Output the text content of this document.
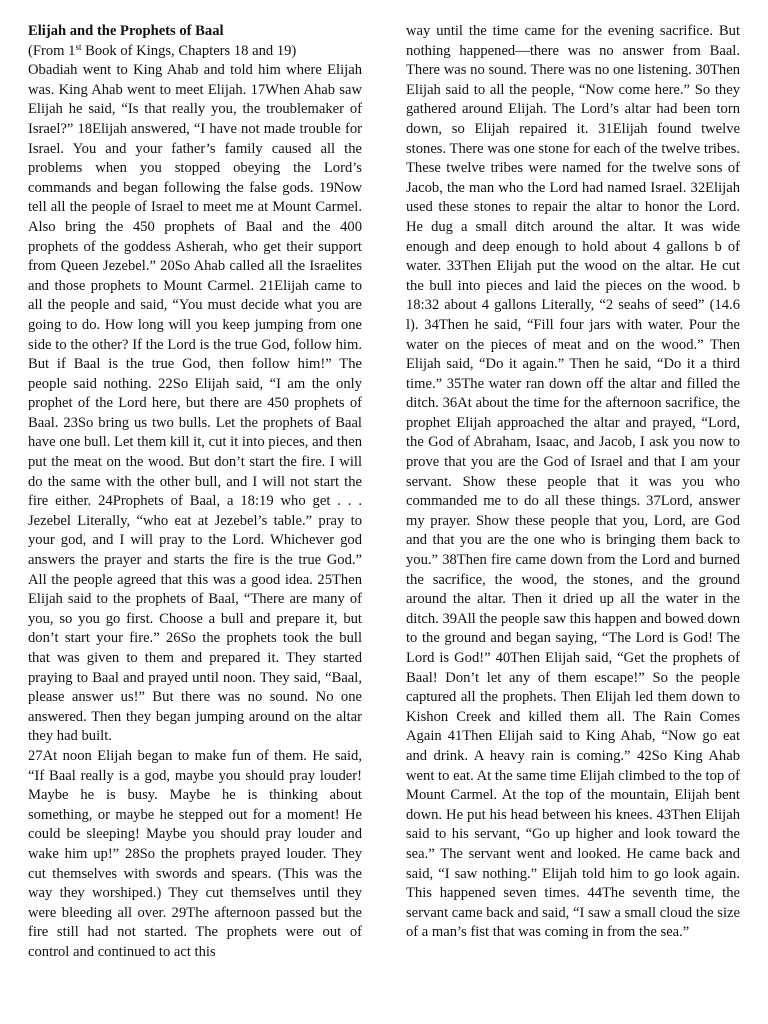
Elijah and the Prophets of Baal

(From 1st Book of Kings, Chapters 18 and 19)

Obadiah went to King Ahab and told him where Elijah was. King Ahab went to meet Elijah. 17When Ahab saw Elijah he said, “Is that really you, the troublemaker of Israel?” 18Elijah answered, “I have not made trouble for Israel. You and your father’s family caused all the problems when you stopped obeying the Lord’s commands and began following the false gods. 19Now tell all the people of Israel to meet me at Mount Carmel. Also bring the 450 prophets of Baal and the 400 prophets of the goddess Asherah, who get their support from Queen Jezebel.” 20So Ahab called all the Israelites and those prophets to Mount Carmel. 21Elijah came to all the people and said, “You must decide what you are going to do. How long will you keep jumping from one side to the other? If the Lord is the true God, follow him. But if Baal is the true God, then follow him!” The people said nothing. 22So Elijah said, “I am the only prophet of the Lord here, but there are 450 prophets of Baal. 23So bring us two bulls. Let the prophets of Baal have one bull. Let them kill it, cut it into pieces, and then put the meat on the wood. But don’t start the fire. I will do the same with the other bull, and I will not start the fire either. 24Prophets of Baal, a 18:19 who get . . . Jezebel Literally, “who eat at Jezebel’s table.” pray to your god, and I will pray to the Lord. Whichever god answers the prayer and starts the fire is the true God.” All the people agreed that this was a good idea. 25Then Elijah said to the prophets of Baal, “There are many of you, so you go first. Choose a bull and prepare it, but don’t start your fire.” 26So the prophets took the bull that was given to them and prepared it. They started praying to Baal and prayed until noon. They said, “Baal, please answer us!” But there was no sound. No one answered. Then they began jumping around on the altar they had built.

27At noon Elijah began to make fun of them. He said, “If Baal really is a god, maybe you should pray louder! Maybe he is busy. Maybe he is thinking about something, or maybe he stepped out for a moment! He could be sleeping! Maybe you should pray louder and wake him up!” 28So the prophets prayed louder. They cut themselves with swords and spears. (This was the way they worshiped.) They cut themselves until they were bleeding all over. 29The afternoon passed but the fire still had not started. The prophets were out of control and continued to act this

way until the time came for the evening sacrifice. But nothing happened—there was no answer from Baal. There was no sound. There was no one listening. 30Then Elijah said to all the people, “Now come here.” So they gathered around Elijah. The Lord’s altar had been torn down, so Elijah repaired it. 31Elijah found twelve stones. There was one stone for each of the twelve tribes. These twelve tribes were named for the twelve sons of Jacob, the man who the Lord had named Israel. 32Elijah used these stones to repair the altar to honor the Lord. He dug a small ditch around the altar. It was wide enough and deep enough to hold about 4 gallons b of water. 33Then Elijah put the wood on the altar. He cut the bull into pieces and laid the pieces on the wood. b 18:32 about 4 gallons Literally, “2 seahs of seed” (14.6 l). 34Then he said, “Fill four jars with water. Pour the water on the pieces of meat and on the wood.” Then Elijah said, “Do it again.” Then he said, “Do it a third time.” 35The water ran down off the altar and filled the ditch. 36At about the time for the afternoon sacrifice, the prophet Elijah approached the altar and prayed, “Lord, the God of Abraham, Isaac, and Jacob, I ask you now to prove that you are the God of Israel and that I am your servant. Show these people that it was you who commanded me to do all these things. 37Lord, answer my prayer. Show these people that you, Lord, are God and that you are the one who is bringing them back to you.” 38Then fire came down from the Lord and burned the sacrifice, the wood, the stones, and the ground around the altar. Then it dried up all the water in the ditch. 39All the people saw this happen and bowed down to the ground and began saying, “The Lord is God! The Lord is God!” 40Then Elijah said, “Get the prophets of Baal! Don’t let any of them escape!” So the people captured all the prophets. Then Elijah led them down to Kishon Creek and killed them all. The Rain Comes Again 41Then Elijah said to King Ahab, “Now go eat and drink. A heavy rain is coming.” 42So King Ahab went to eat. At the same time Elijah climbed to the top of Mount Carmel. At the top of the mountain, Elijah bent down. He put his head between his knees. 43Then Elijah said to his servant, “Go up higher and look toward the sea.” The servant went and looked. He came back and said, “I saw nothing.” Elijah told him to go look again. This happened seven times. 44The seventh time, the servant came back and said, “I saw a small cloud the size of a man’s fist that was coming in from the sea.”
